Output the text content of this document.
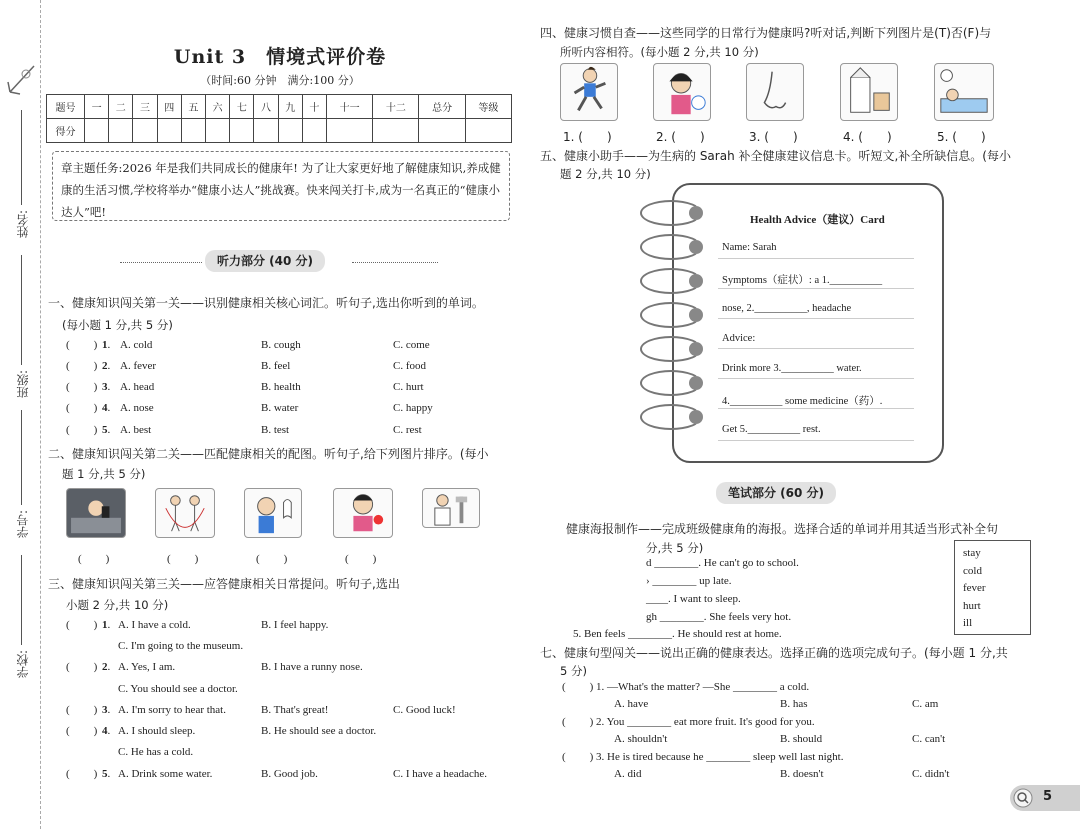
姓名:
班级:
学号:
学校:
Unit 3　情境式评价卷
（时间:60 分钟　满分:100 分）
题号	一	二	三	四	五	六	七	八	九	十	十一	十二	总分	等级
得分														
章主题任务:2026 年是我们共同成长的健康年! 为了让大家更好地了解健康知识,养成健康的生活习惯,学校将举办“健康小达人”挑战赛。快来闯关打卡,成为一名真正的“健康小达人”吧!
听力部分 (40 分)
一、健康知识闯关第一关——识别健康相关核心词汇。听句子,选出你听到的单词。
(每小题 1 分,共 5 分)
( ) 1. A. cold	B. cough	C. come
( ) 2. A. fever	B. feel	C. food
( ) 3. A. head	B. health	C. hurt
( ) 4. A. nose	B. water	C. happy
( ) 5. A. best	B. test	C. rest
二、健康知识闯关第二关——匹配健康相关的配图。听句子,给下列图片排序。(每小
题 1 分,共 5 分)
( )	( )	( )	( )
三、健康知识闯关第三关——应答健康相关日常提问。听句子,选出
小题 2 分,共 10 分)
( ) 1. A. I have a cold.	B. I feel happy.
C. I'm going to the museum.
( ) 2. A. Yes, I am.	B. I have a runny nose.
C. You should see a doctor.
( ) 3. A. I'm sorry to hear that.	B. That's great!	C. Good luck!
( ) 4. A. I should sleep.	B. He should see a doctor.
C. He has a cold.
( ) 5. A. Drink some water.	B. Good job.	C. I have a headache.
四、健康习惯自查——这些同学的日常行为健康吗?听对话,判断下列图片是(T)否(F)与
所听内容相符。(每小题 2 分,共 10 分)
1. (　　)	2. (　　)	3. (　　)	4. (　　)	5. (　　)
五、健康小助手——为生病的 Sarah 补全健康建议信息卡。听短文,补全所缺信息。(每小
题 2 分,共 10 分)
Health Advice（建议）Card
Name: Sarah
Symptoms（症状）: a 1.__________
nose, 2.__________, headache
Advice:
Drink more 3.__________ water.
4.__________ some medicine（药）.
Get 5.__________ rest.
笔试部分 (60 分)
健康海报制作——完成班级健康角的海报。选择合适的单词并用其适当形式补全句
分,共 5 分)
d ________. He can't go to school.
› ________ up late.
____. I want to sleep.
gh ________. She feels very hot.
5. Ben feels ________. He should rest at home.
stay
cold
fever
hurt
ill
七、健康句型闯关——说出正确的健康表达。选择正确的选项完成句子。(每小题 1 分,共
5 分)
( ) 1. —What's the matter? —She ________ a cold.
A. have	B. has	C. am
( ) 2. You ________ eat more fruit. It's good for you.
A. shouldn't	B. should	C. can't
( ) 3. He is tired because he ________ sleep well last night.
A. did	B. doesn't	C. didn't
5
